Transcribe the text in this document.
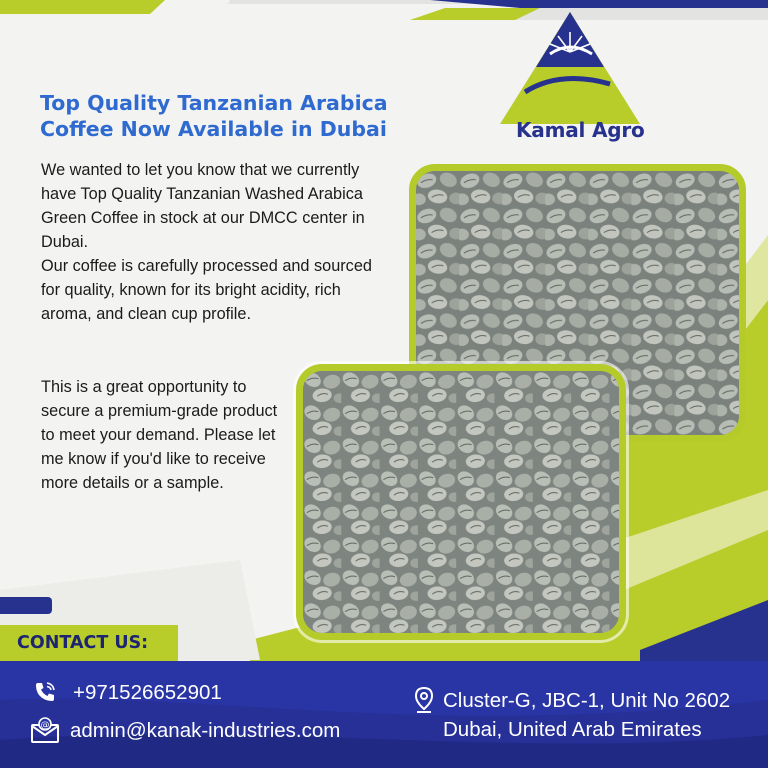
Kamal Agro
Top Quality Tanzanian Arabica Coffee Now Available in Dubai

We wanted to let you know that we currently have Top Quality Tanzanian Washed Arabica Green Coffee in stock at our DMCC center in Dubai.

Our coffee is carefully processed and sourced for quality, known for its bright acidity, rich aroma, and clean cup profile.

This is a great opportunity to secure a premium-grade product to meet your demand. Please let me know if you'd like to receive more details or a sample.

CONTACT US:
+971526652901
@ admin@kanak-industries.com
Cluster-G, JBC-1, Unit No 2602
Dubai, United Arab Emirates
